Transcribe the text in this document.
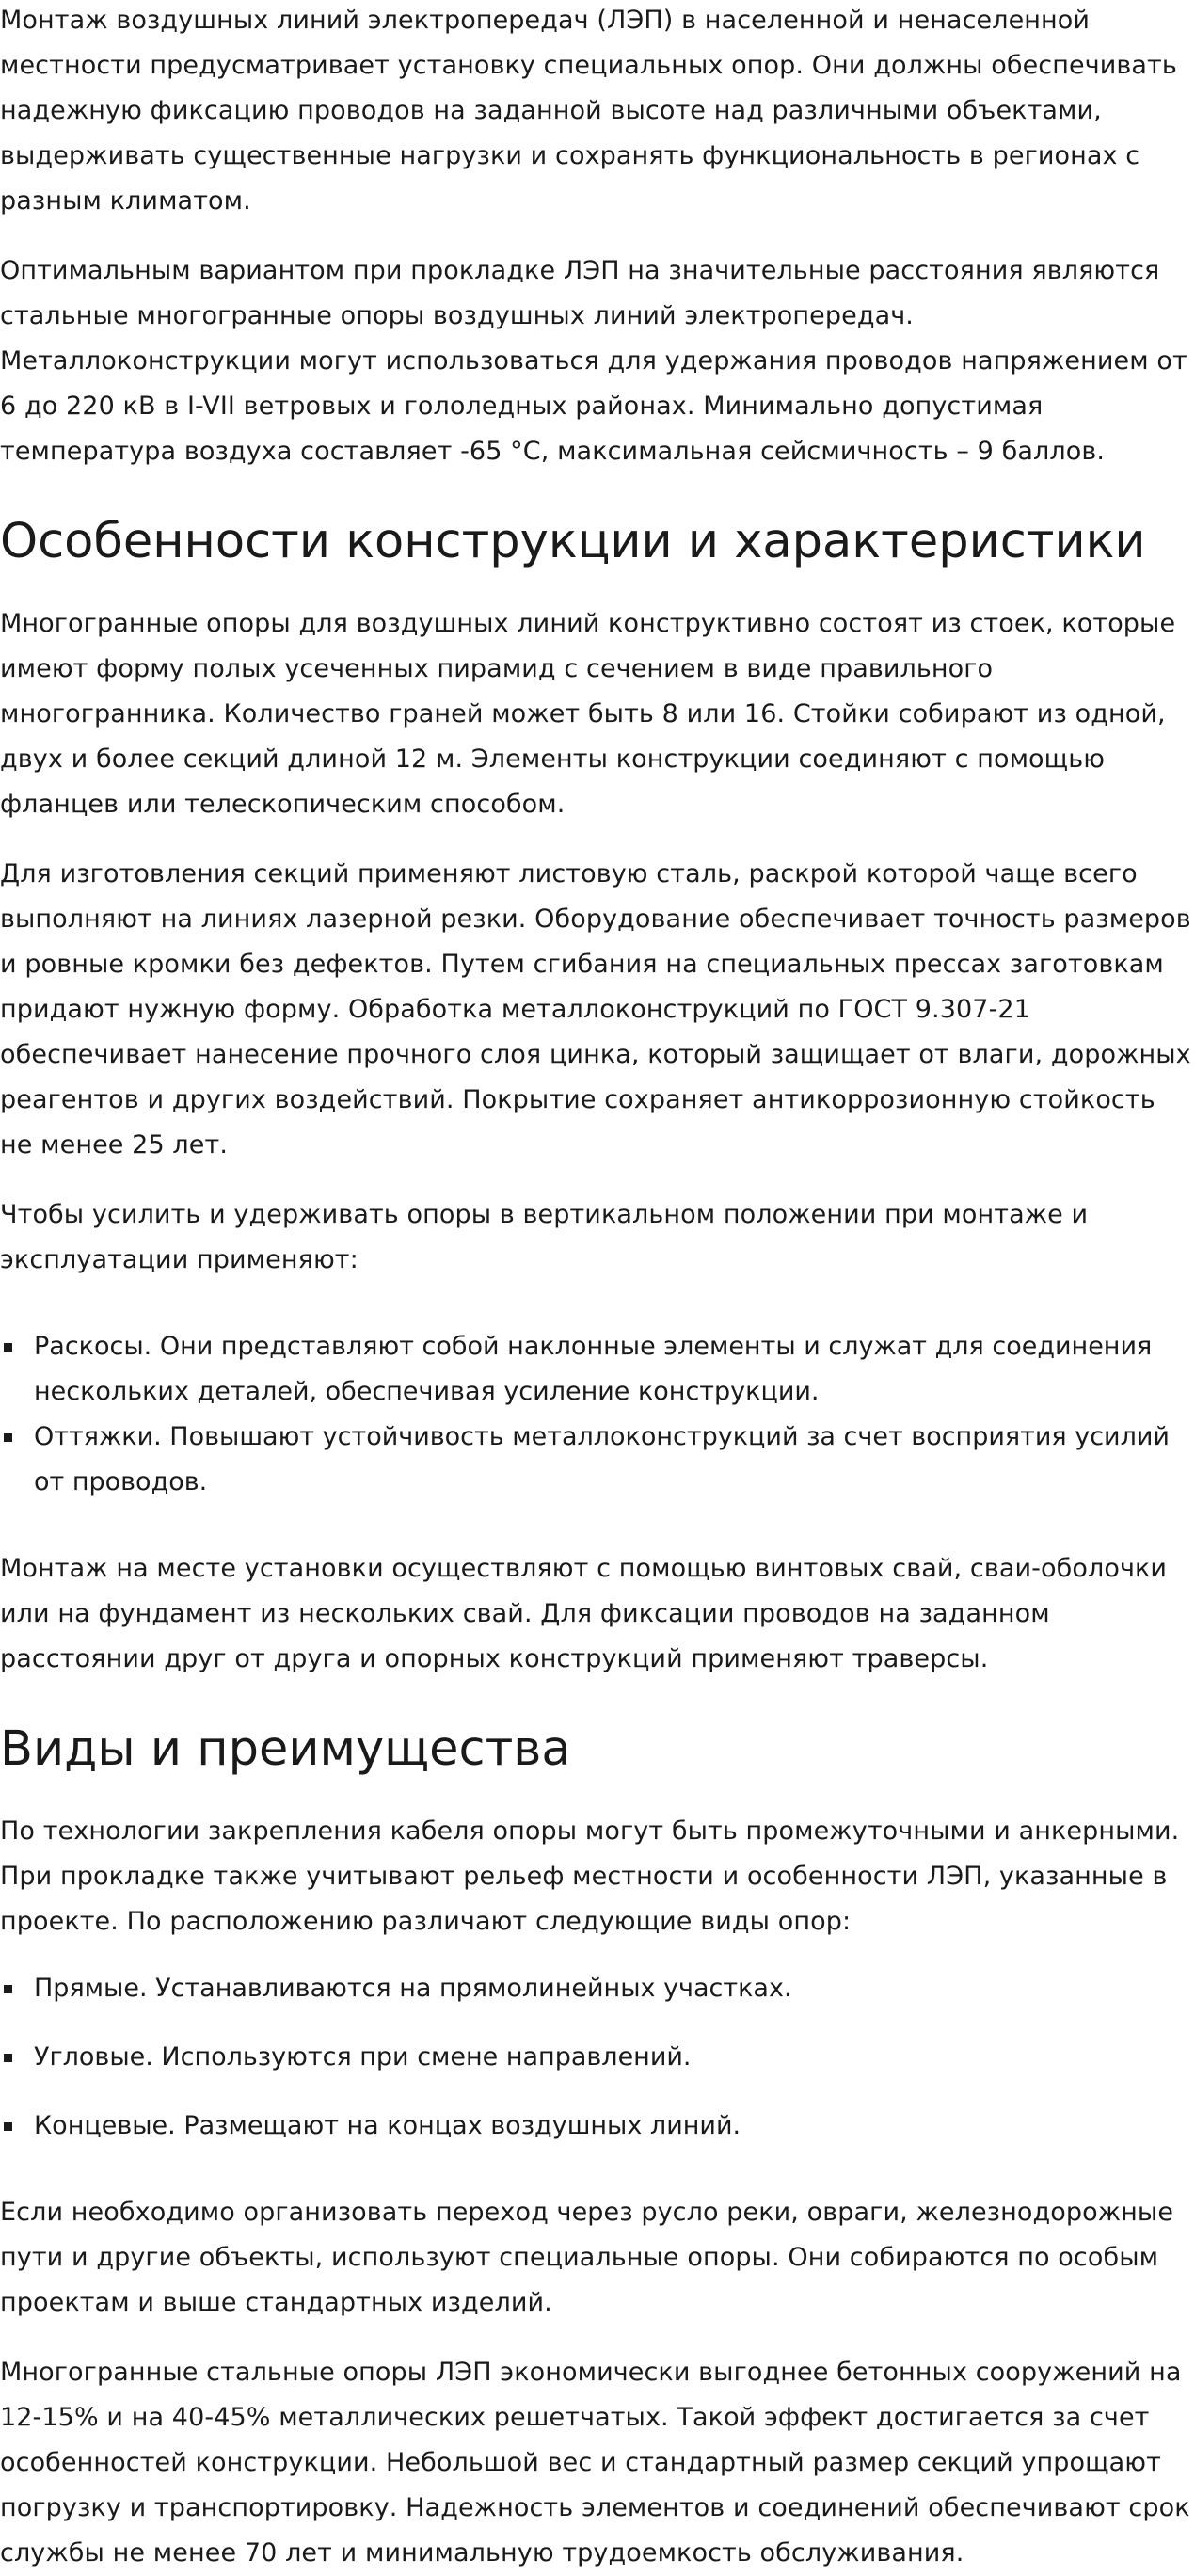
Монтаж воздушных линий электропередач (ЛЭП) в населенной и ненаселенной местности предусматривает установку специальных опор. Они должны обеспечивать надежную фиксацию проводов на заданной высоте над различными объектами, выдерживать существенные нагрузки и сохранять функциональность в регионах с разным климатом.

Оптимальным вариантом при прокладке ЛЭП на значительные расстояния являются стальные многогранные опоры воздушных линий электропередач. Металлоконструкции могут использоваться для удержания проводов напряжением от 6 до 220 кВ в I-VII ветровых и гололедных районах. Минимально допустимая температура воздуха составляет -65 °С, максимальная сейсмичность – 9 баллов.

Особенности конструкции и характеристики

Многогранные опоры для воздушных линий конструктивно состоят из стоек, которые имеют форму полых усеченных пирамид с сечением в виде правильного многогранника. Количество граней может быть 8 или 16. Стойки собирают из одной, двух и более секций длиной 12 м. Элементы конструкции соединяют с помощью фланцев или телескопическим способом.

Для изготовления секций применяют листовую сталь, раскрой которой чаще всего выполняют на линиях лазерной резки. Оборудование обеспечивает точность размеров и ровные кромки без дефектов. Путем сгибания на специальных прессах заготовкам придают нужную форму. Обработка металлоконструкций по ГОСТ 9.307-21 обеспечивает нанесение прочного слоя цинка, который защищает от влаги, дорожных реагентов и других воздействий. Покрытие сохраняет антикоррозионную стойкость не менее 25 лет.

Чтобы усилить и удерживать опоры в вертикальном положении при монтаже и эксплуатации применяют:

Раскосы. Они представляют собой наклонные элементы и служат для соединения нескольких деталей, обеспечивая усиление конструкции.
Оттяжки. Повышают устойчивость металлоконструкций за счет восприятия усилий от проводов.

Монтаж на месте установки осуществляют с помощью винтовых свай, сваи-оболочки или на фундамент из нескольких свай. Для фиксации проводов на заданном расстоянии друг от друга и опорных конструкций применяют траверсы.

Виды и преимущества

По технологии закрепления кабеля опоры могут быть промежуточными и анкерными. При прокладке также учитывают рельеф местности и особенности ЛЭП, указанные в проекте. По расположению различают следующие виды опор:

Прямые. Устанавливаются на прямолинейных участках.
Угловые. Используются при смене направлений.
Концевые. Размещают на концах воздушных линий.

Если необходимо организовать переход через русло реки, овраги, железнодорожные пути и другие объекты, используют специальные опоры. Они собираются по особым проектам и выше стандартных изделий.

Многогранные стальные опоры ЛЭП экономически выгоднее бетонных сооружений на 12-15% и на 40-45% металлических решетчатых. Такой эффект достигается за счет особенностей конструкции. Небольшой вес и стандартный размер секций упрощают погрузку и транспортировку. Надежность элементов и соединений обеспечивают срок службы не менее 70 лет и минимальную трудоемкость обслуживания.
